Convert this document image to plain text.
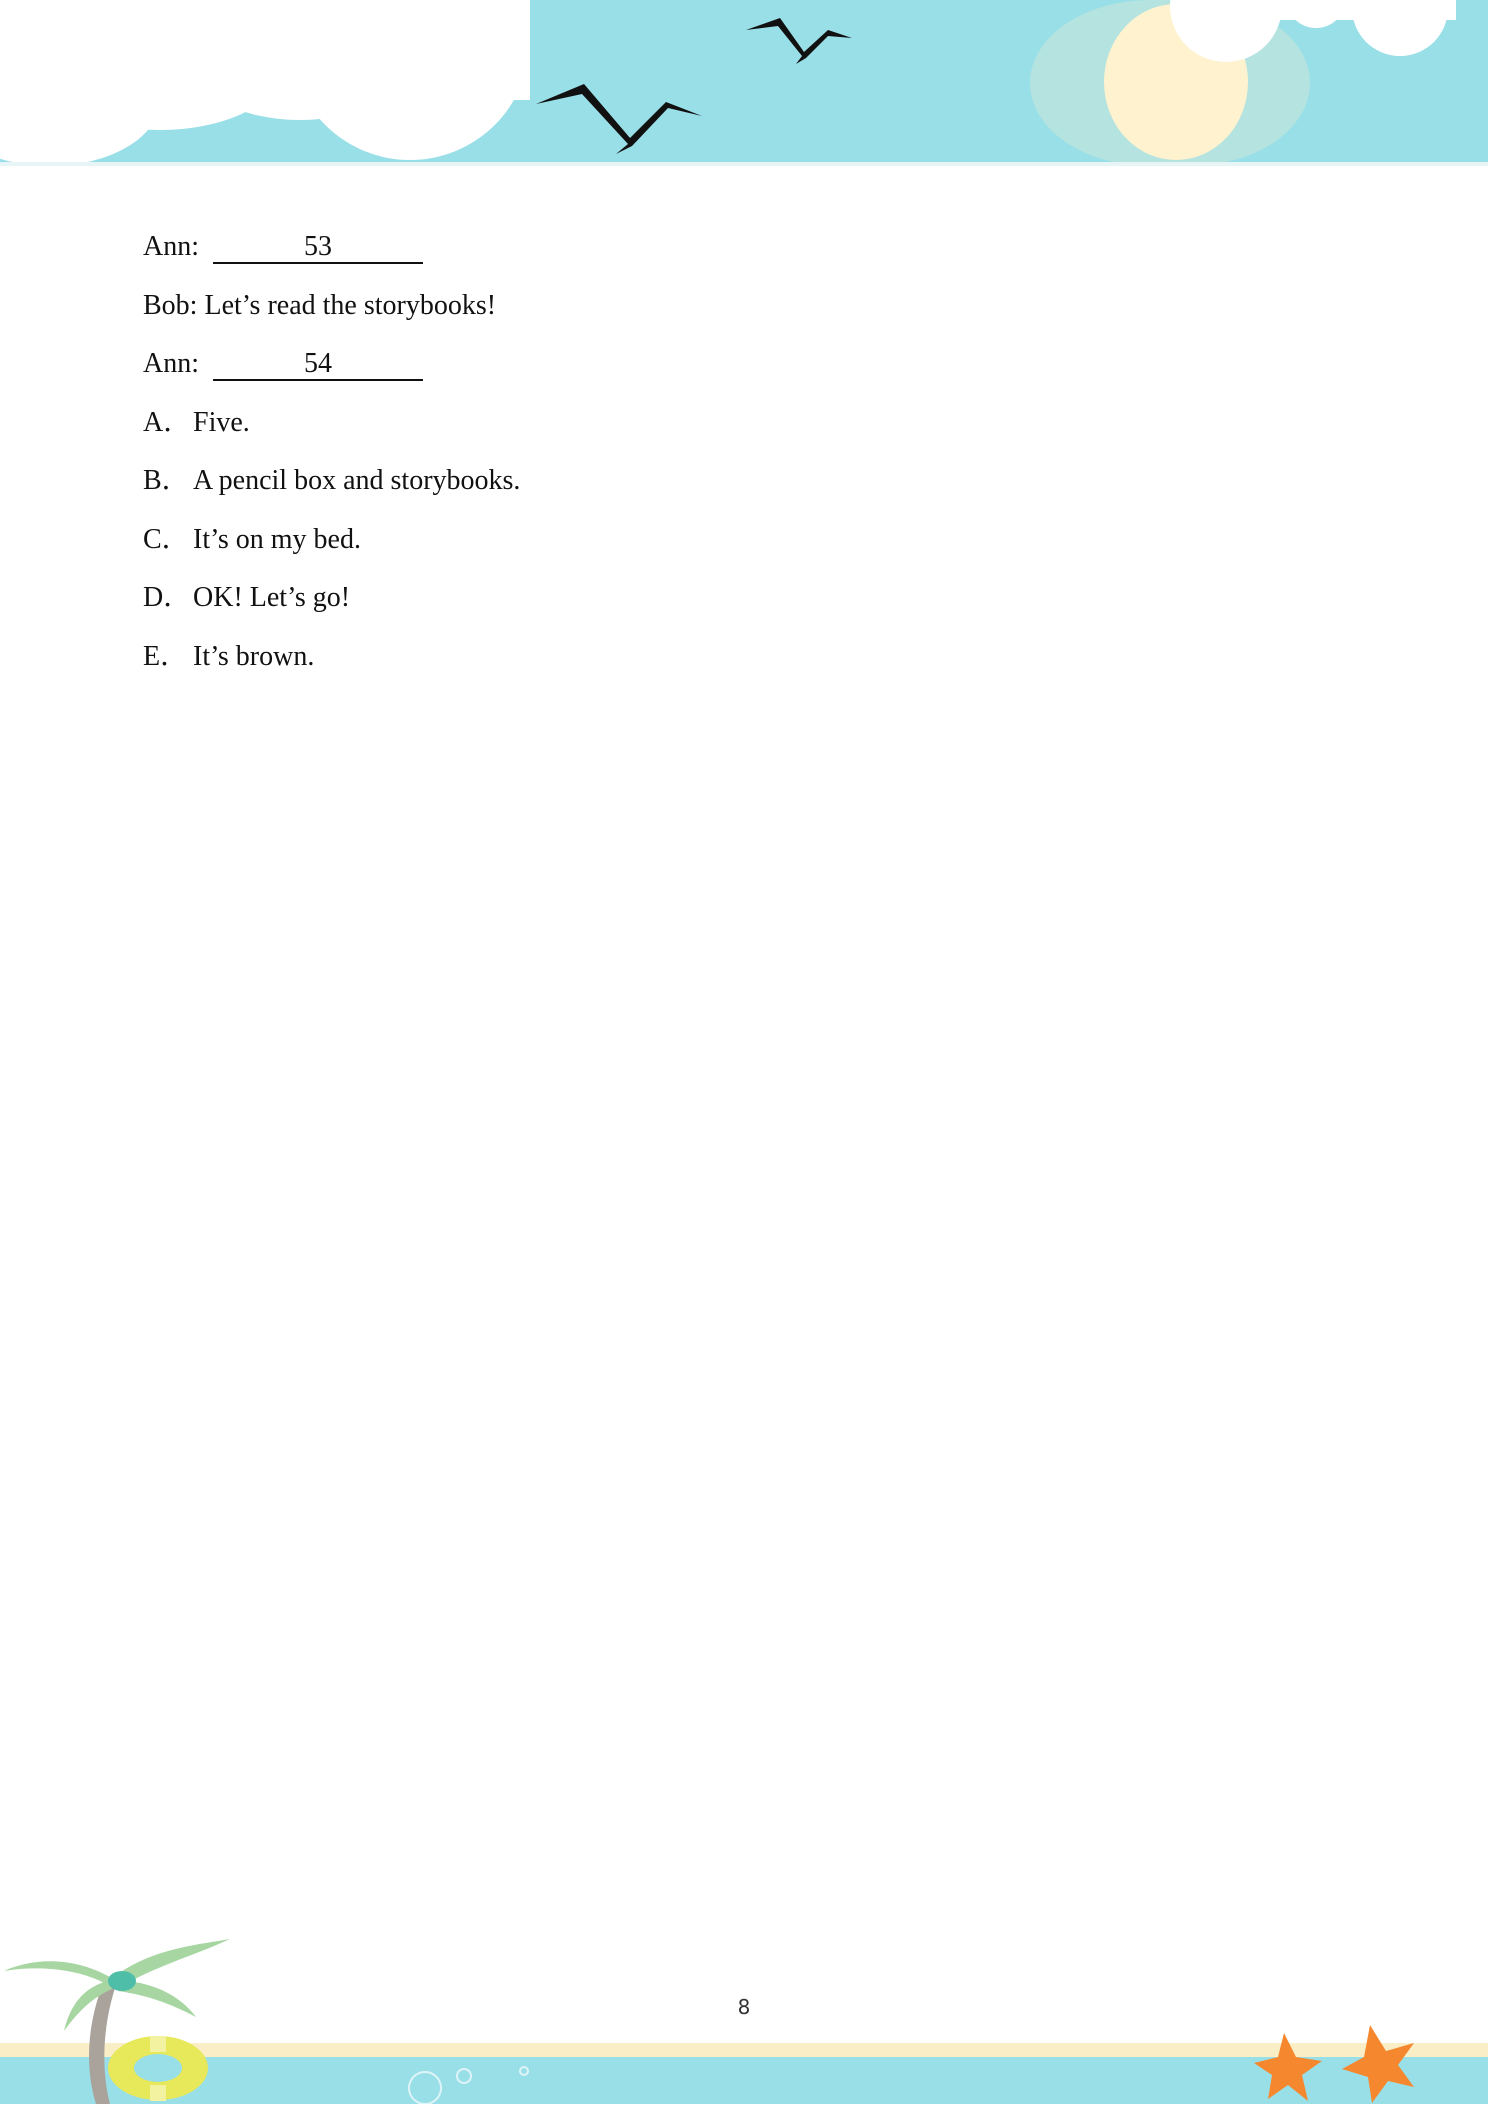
Ann:	53
Bob: Let’s read the storybooks!
Ann:	54
A．Five.
B． A pencil box and storybooks.
C． It’s on my bed.
D．OK! Let’s go!
E． It’s brown.
8
